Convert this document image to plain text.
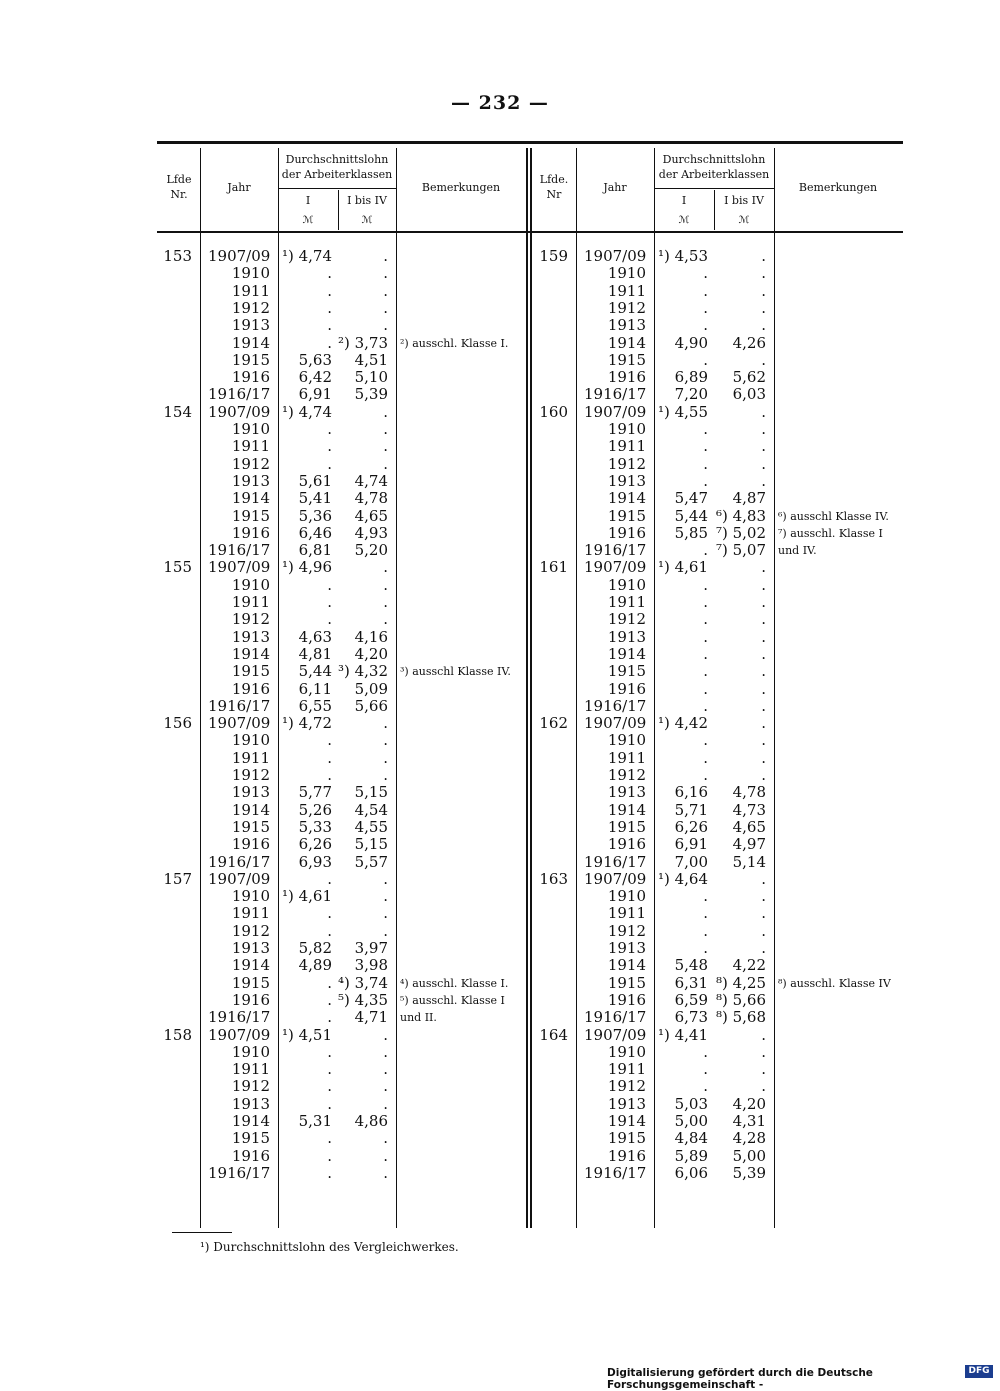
— 232 —
Lfde
Nr.
Jahr
Durchschnittslohn
der Arbeiterklassen
I	I bis IV
ℳ	ℳ
Bemerkungen
Lfde.
Nr
Jahr
Durchschnittslohn
der Arbeiterklassen
I	I bis IV
ℳ	ℳ
Bemerkungen
153 1907/09 ¹) 4,74	.
1910	.	.
1911	.	.
1912	.	.
1913	.	.
1914	. ²) 3,73
1915	5,63	4,51
1916	6,42	5,10
1916/17	6,91	5,39
²) ausschl. Klasse I.
154 1907/09 ¹) 4,74	.
1910	.	.
1911	.	.
1912	.	.
1913	5,61	4,74
1914	5,41	4,78
1915	5,36	4,65
1916	6,46	4,93
1916/17	6,81	5,20
155 1907/09 ¹) 4,96	.
1910	.	.
1911	.	.
1912	.	.
1913	4,63	4,16
1914	4,81	4,20
1915	5,44 ³) 4,32
1916	6,11	5,09
1916/17	6,55	5,66
³) ausschl Klasse IV.
156 1907/09 ¹) 4,72	.
1910	.	.
1911	.	.
1912	.	.
1913	5,77	5,15
1914	5,26	4,54
1915	5,33	4,55
1916	6,26	5,15
1916/17	6,93	5,57
157 1907/09	.	.
1910 ¹) 4,61	.
1911	.	.
1912	.	.
1913	5,82	3,97
1914	4,89	3,98
1915	. ⁴) 3,74
1916	. ⁵) 4,35
1916/17	.	4,71
⁴) ausschl. Klasse I.
⁵) ausschl. Klasse I
und II.
158 1907/09 ¹) 4,51	.
1910	.	.
1911	.	.
1912	.	.
1913	.	.
1914	5,31	4,86
1915	.	.
1916	.	.
1916/17	.	.
159 1907/09 ¹) 4,53	.
1910	.	.
1911	.	.
1912	.	.
1913	.	.
1914	4,90	4,26
1915	.	.
1916	6,89	5,62
1916/17	7,20	6,03
160 1907/09 ¹) 4,55	.
1910	.	.
1911	.	.
1912	.	.
1913	.	.
1914	5,47	4,87
1915	5,44 ⁶) 4,83
1916	5,85 ⁷) 5,02
1916/17	. ⁷) 5,07
⁶) ausschl Klasse IV.
⁷) ausschl. Klasse I
und IV.
161 1907/09 ¹) 4,61	.
1910	.	.
1911	.	.
1912	.	.
1913	.	.
1914	.	.
1915	.	.
1916	.	.
1916/17	.	.
162 1907/09 ¹) 4,42	.
1910	.	.
1911	.	.
1912	.	.
1913	6,16	4,78
1914	5,71	4,73
1915	6,26	4,65
1916	6,91	4,97
1916/17	7,00	5,14
163 1907/09 ¹) 4,64	.
1910	.	.
1911	.	.
1912	.	.
1913	.	.
1914	5,48	4,22
1915	6,31 ⁸) 4,25
1916	6,59 ⁸) 5,66
1916/17	6,73 ⁸) 5,68
⁸) ausschl. Klasse IV
164 1907/09 ¹) 4,41	.
1910	.	.
1911	.	.
1912	.	.
1913	5,03	4,20
1914	5,00	4,31
1915	4,84	4,28
1916	5,89	5,00
1916/17	6,06	5,39
¹) Durchschnittslohn des Vergleichwerkes.
Digitalisierung gefördert durch die Deutsche Forschungsgemeinschaft -
DFG
